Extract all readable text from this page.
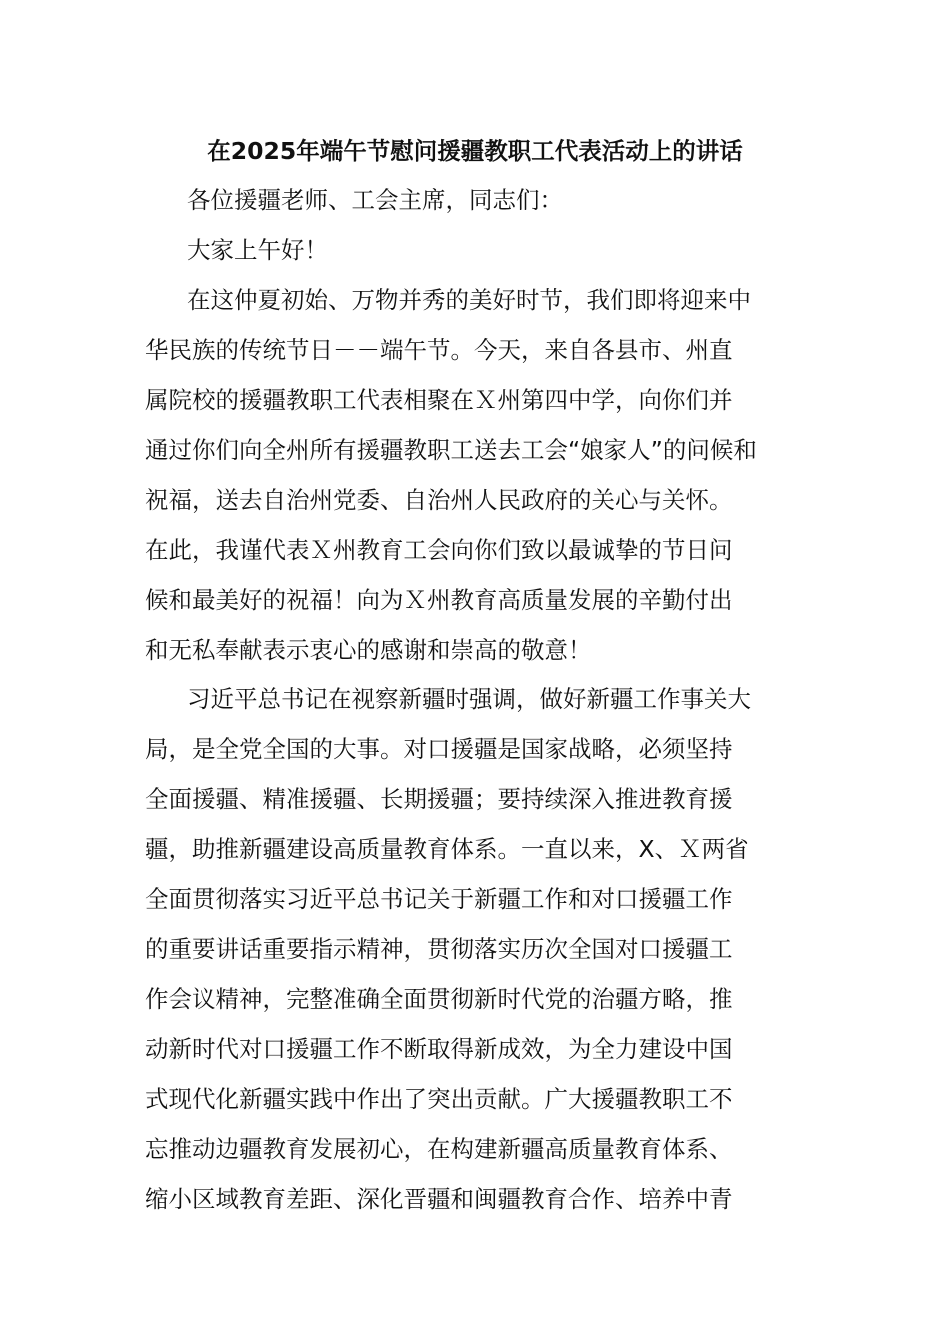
在2025年端午节慰问援疆教职工代表活动上的讲话
各位援疆老师、工会主席，同志们：
大家上午好！
在这仲夏初始、万物并秀的美好时节，我们即将迎来中
华民族的传统节日－－端午节。今天，来自各县市、州直
属院校的援疆教职工代表相聚在Ｘ州第四中学，向你们并
通过你们向全州所有援疆教职工送去工会“娘家人”的问候和
祝福，送去自治州党委、自治州人民政府的关心与关怀。
在此，我谨代表Ｘ州教育工会向你们致以最诚挚的节日问
候和最美好的祝福！向为Ｘ州教育高质量发展的辛勤付出
和无私奉献表示衷心的感谢和崇高的敬意！
习近平总书记在视察新疆时强调，做好新疆工作事关大
局，是全党全国的大事。对口援疆是国家战略，必须坚持
全面援疆、精准援疆、长期援疆；要持续深入推进教育援
疆，助推新疆建设高质量教育体系。一直以来，X、Ｘ两省
全面贯彻落实习近平总书记关于新疆工作和对口援疆工作
的重要讲话重要指示精神，贯彻落实历次全国对口援疆工
作会议精神，完整准确全面贯彻新时代党的治疆方略，推
动新时代对口援疆工作不断取得新成效，为全力建设中国
式现代化新疆实践中作出了突出贡献。广大援疆教职工不
忘推动边疆教育发展初心，在构建新疆高质量教育体系、
缩小区域教育差距、深化晋疆和闽疆教育合作、培养中青
